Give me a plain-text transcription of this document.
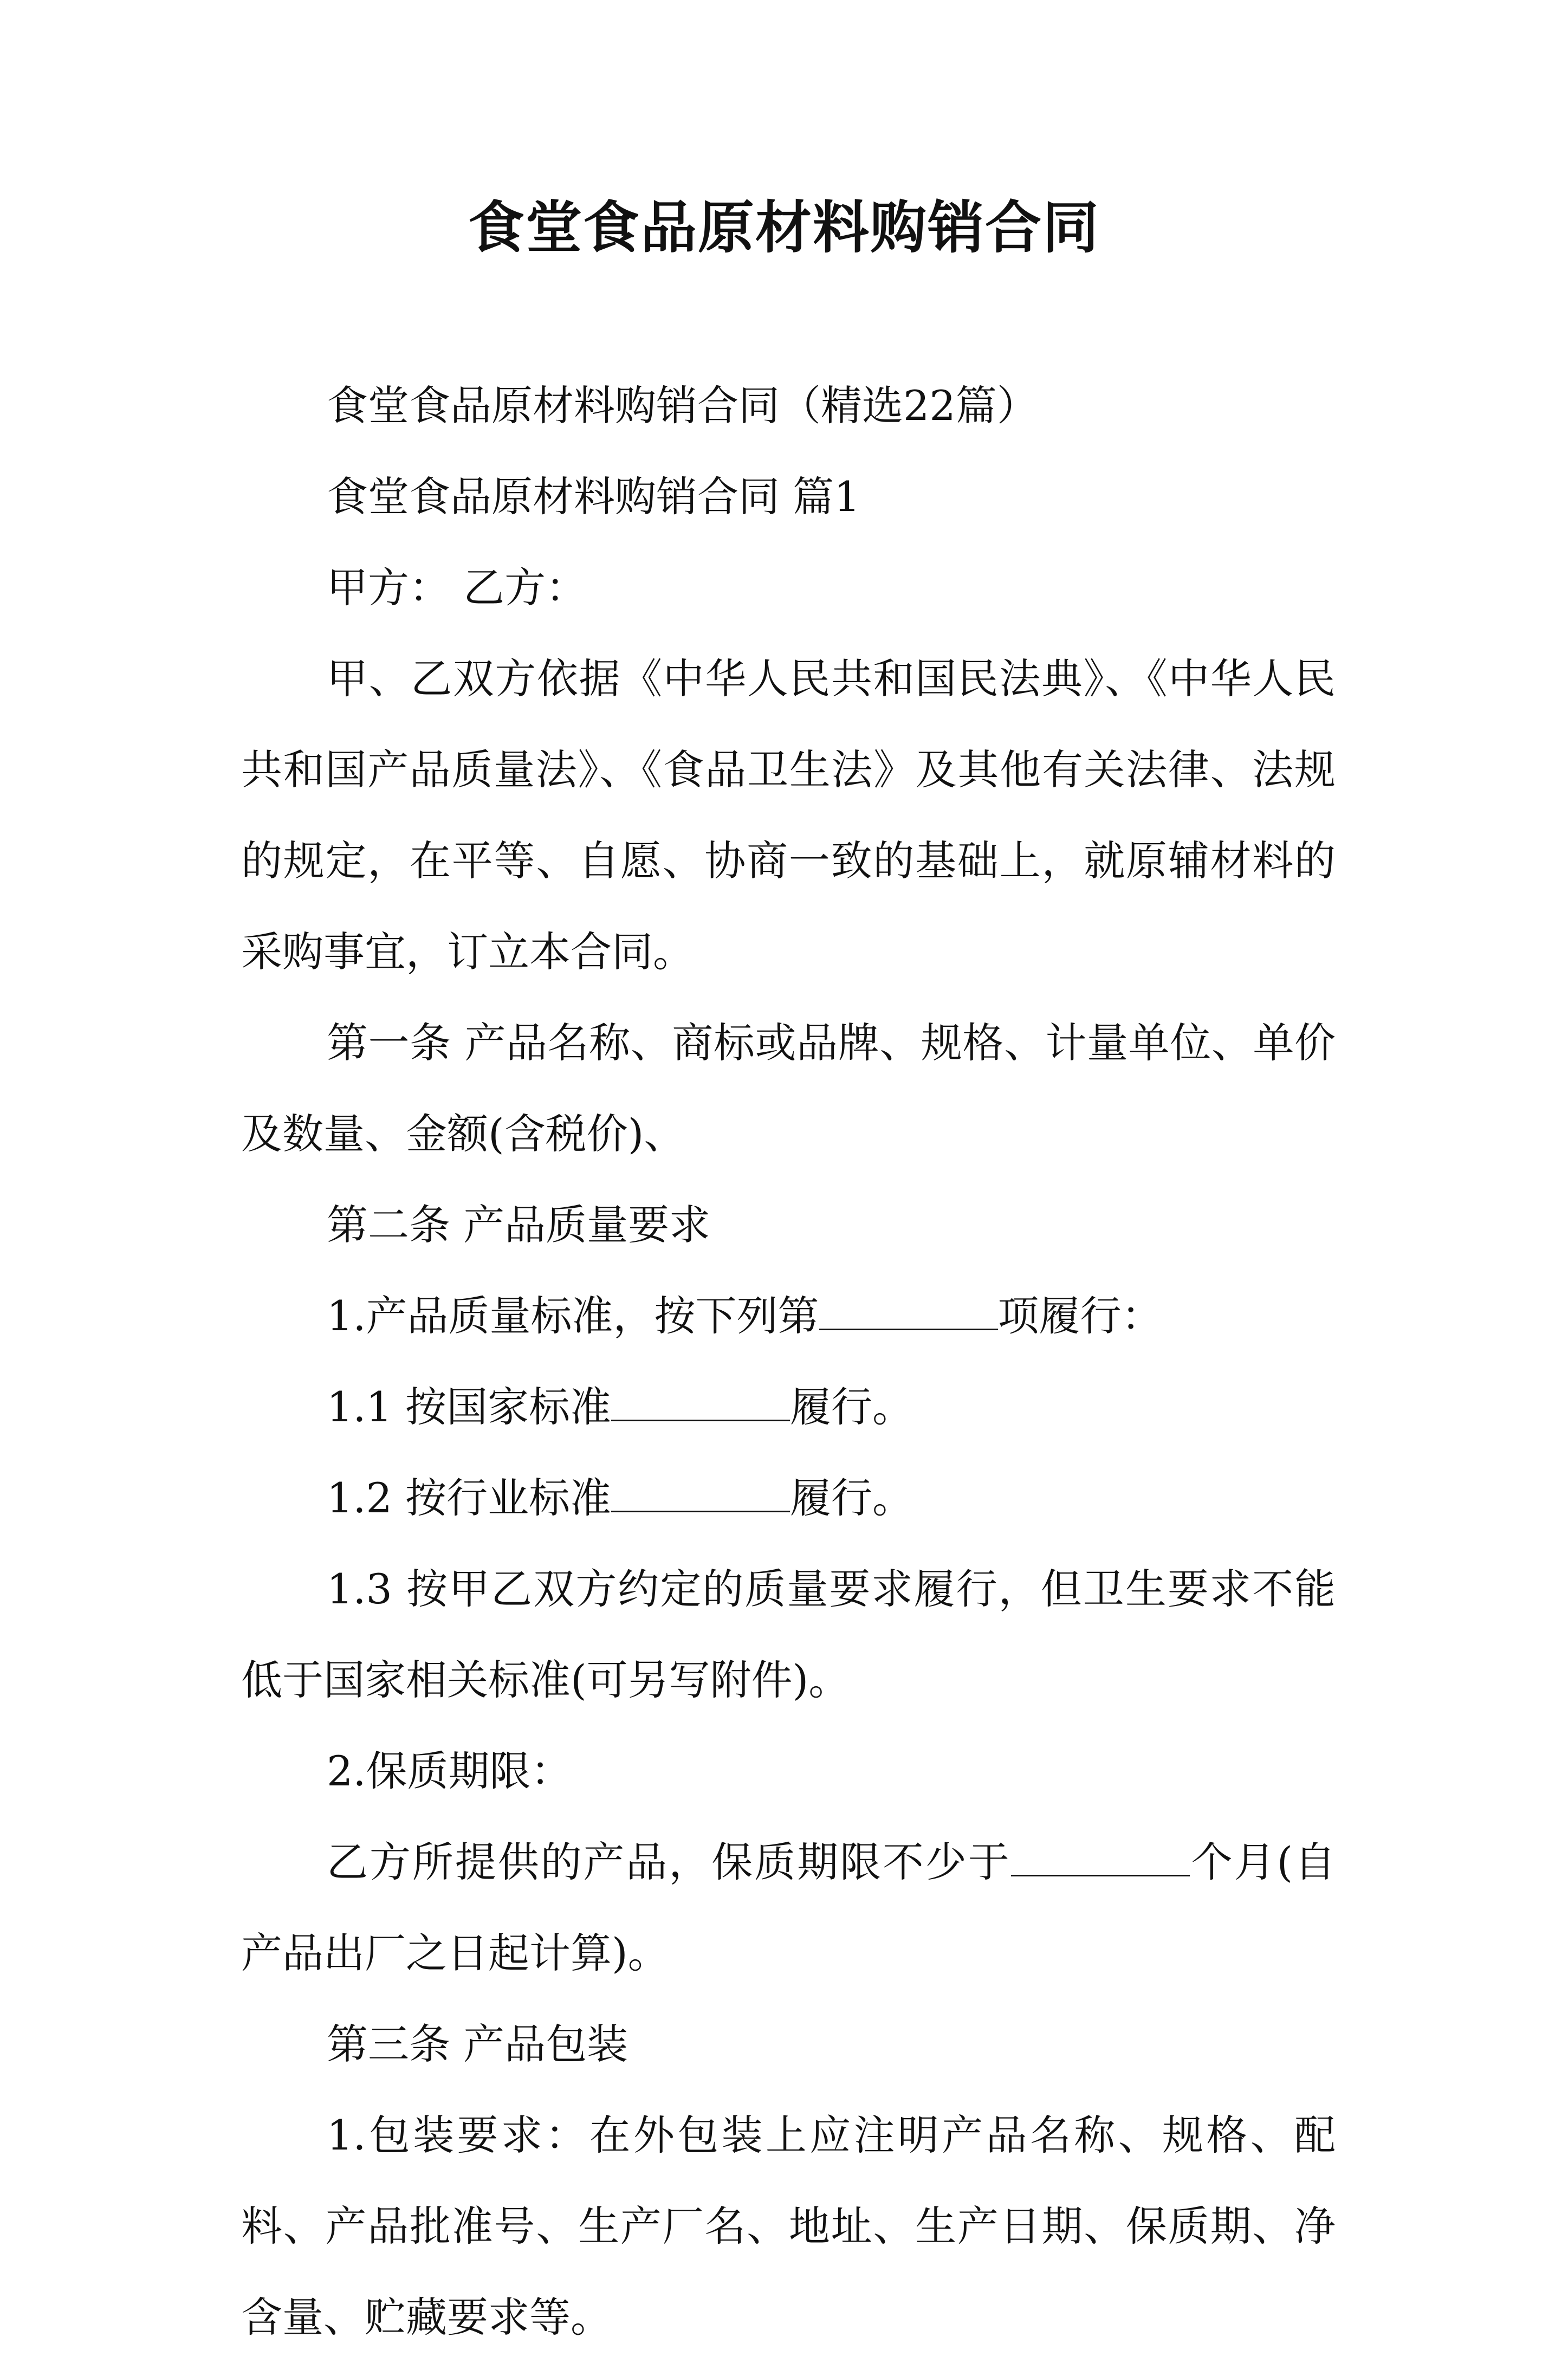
食堂食品原材料购销合同

食堂食品原材料购销合同（精选22篇）

食堂食品原材料购销合同 篇1

甲方： 乙方：

甲、乙双方依据《中华人民共和国民法典》、《中华人民共和国产品质量法》、《食品卫生法》及其他有关法律、法规的规定，在平等、自愿、协商一致的基础上，就原辅材料的采购事宜，订立本合同。

第一条 产品名称、商标或品牌、规格、计量单位、单价及数量、金额(含税价)、

第二条 产品质量要求

1.产品质量标准，按下列第	项履行：

1.1 按国家标准	履行。

1.2 按行业标准	履行。

1.3 按甲乙双方约定的质量要求履行，但卫生要求不能低于国家相关标准(可另写附件)。

2.保质期限：

乙方所提供的产品，保质期限不少于	个月(自产品出厂之日起计算)。

第三条 产品包装

1.包装要求：在外包装上应注明产品名称、规格、配料、产品批准号、生产厂名、地址、生产日期、保质期、净含量、贮藏要求等。
